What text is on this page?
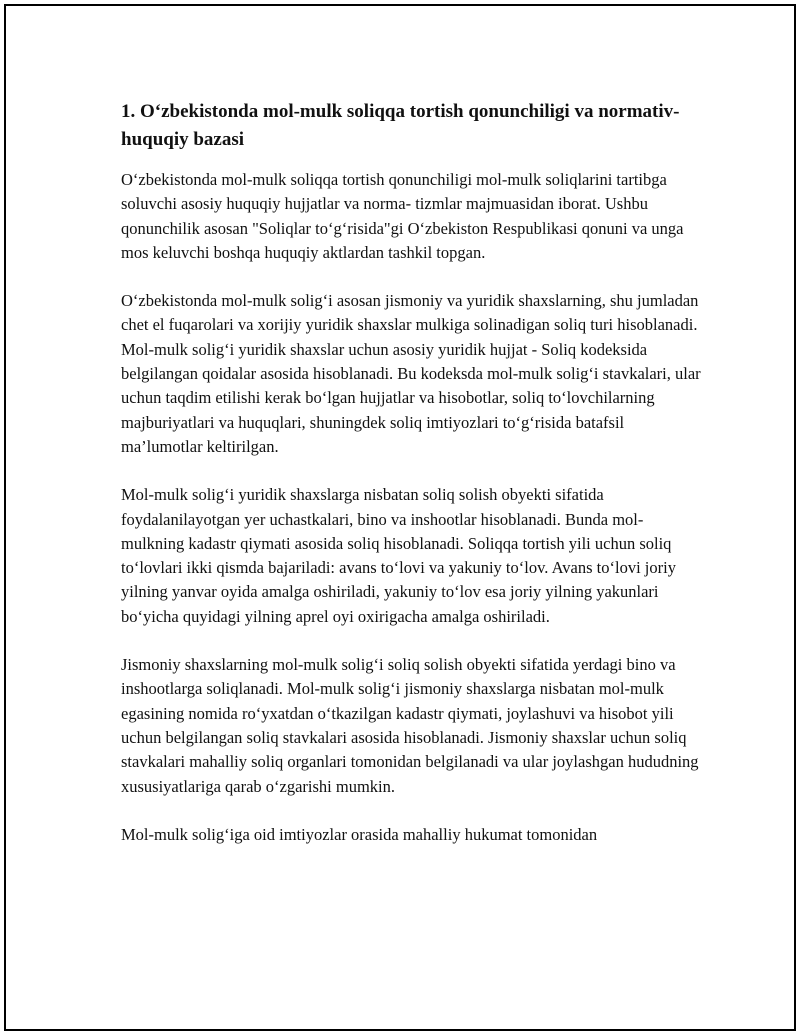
1. O‘zbekistonda mol-mulk soliqqa tortish qonunchiligi va normativ-huquqiy bazasi

O‘zbekistonda mol-mulk soliqqa tortish qonunchiligi mol-mulk soliqlarini tartibga soluvchi asosiy huquqiy hujjatlar va norma- tizmlar majmuasidan iborat. Ushbu qonunchilik asosan "Soliqlar to‘g‘risida"gi O‘zbekiston Respublikasi qonuni va unga mos keluvchi boshqa huquqiy aktlardan tashkil topgan.

O‘zbekistonda mol-mulk solig‘i asosan jismoniy va yuridik shaxslarning, shu jumladan chet el fuqarolari va xorijiy yuridik shaxslar mulkiga solinadigan soliq turi hisoblanadi. Mol-mulk solig‘i yuridik shaxslar uchun asosiy yuridik hujjat - Soliq kodeksida belgilangan qoidalar asosida hisoblanadi. Bu kodeksda mol-mulk solig‘i stavkalari, ular uchun taqdim etilishi kerak bo‘lgan hujjatlar va hisobotlar, soliq to‘lovchilarning majburiyatlari va huquqlari, shuningdek soliq imtiyozlari to‘g‘risida batafsil ma’lumotlar keltirilgan.

Mol-mulk solig‘i yuridik shaxslarga nisbatan soliq solish obyekti sifatida foydalanilayotgan yer uchastkalari, bino va inshootlar hisoblanadi. Bunda mol-mulkning kadastr qiymati asosida soliq hisoblanadi. Soliqqa tortish yili uchun soliq to‘lovlari ikki qismda bajariladi: avans to‘lovi va yakuniy to‘lov. Avans to‘lovi joriy yilning yanvar oyida amalga oshiriladi, yakuniy to‘lov esa joriy yilning yakunlari bo‘yicha quyidagi yilning aprel oyi oxirigacha amalga oshiriladi.

Jismoniy shaxslarning mol-mulk solig‘i soliq solish obyekti sifatida yerdagi bino va inshootlarga soliqlanadi. Mol-mulk solig‘i jismoniy shaxslarga nisbatan mol-mulk egasining nomida ro‘yxatdan o‘tkazilgan kadastr qiymati, joylashuvi va hisobot yili uchun belgilangan soliq stavkalari asosida hisoblanadi. Jismoniy shaxslar uchun soliq stavkalari mahalliy soliq organlari tomonidan belgilanadi va ular joylashgan hududning xususiyatlariga qarab o‘zgarishi mumkin.

Mol-mulk solig‘iga oid imtiyozlar orasida mahalliy hukumat tomonidan
